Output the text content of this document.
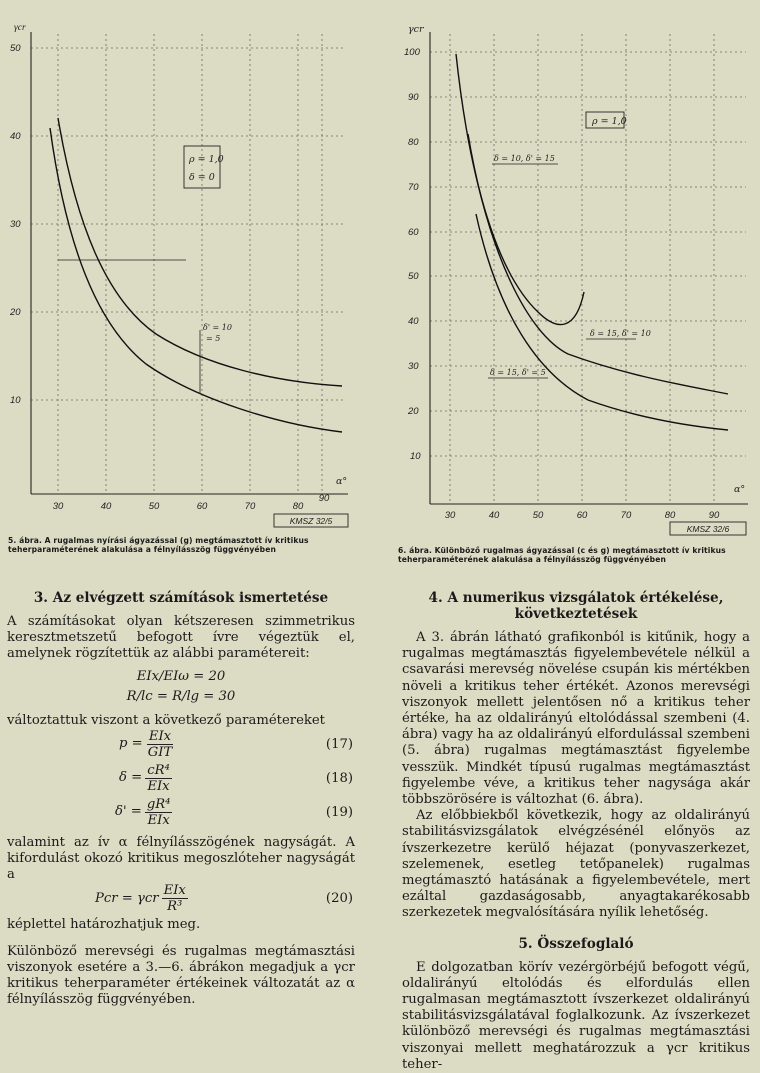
50
40
30
20
10
γcr
30	40	50	60	70	80
90
α°
ρ = 1,0
δ = 0
δ' = 10
= 5
KMSZ 32/5
5. ábra. A rugalmas nyírási ágyazással (g) megtámasztott ív kritikus teherparaméterének alakulása a félnyílásszög függvényében
100
90
80
70
60
50
40
30
20
10
γcr
30	40	50	60	70	80	90
α°
ρ = 1,0
δ = 10, δ' = 15
δ = 15, δ' = 10
δ = 15, δ' = 5
KMSZ 32/6
6. ábra. Különböző rugalmas ágyazással (c és g) megtámasztott ív kritikus teherparaméterének alakulása a félnyílásszög függvényében

3. Az elvégzett számítások ismertetése

A számításokat olyan kétszeresen szimmetrikus keresztmetszetű befogott ívre végeztük el, amelynek rögzítettük az alábbi paramétereit:

EIx/EIω = 20
R/lc = R/lg = 30

változtattuk viszont a következő paramétereket

$p = \frac{\text{EIx}}{\text{GIT}}$	(17)
$\delta = \frac{\text{cR⁴}}{\text{EIx}}$	(18)
$\delta' = \frac{\text{gR⁴}}{\text{EIx}}$	(19)

valamint az ív α félnyílásszögének nagyságát. A kifordulást okozó kritikus megoszlóteher nagyságát a

Pcr = γcr $\frac{\text{EIx}}{\text{R³}}$	(20)

képlettel határozhatjuk meg.

Különböző merevségi és rugalmas megtámasztási viszonyok esetére a 3.—6. ábrákon megadjuk a γcr kritikus teherparaméter értékeinek változatát az α félnyílásszög függvényében.

4. A numerikus vizsgálatok értékelése, következtetések

A 3. ábrán látható grafikonból is kitűnik, hogy a rugalmas megtámasztás figyelembevétele nélkül a csavarási merevség növelése csupán kis mértékben növeli a kritikus teher értékét. Azonos merevségi viszonyok mellett jelentősen nő a kritikus teher értéke, ha az oldalirányú eltolódással szembeni (4. ábra) vagy ha az oldalirányú elfordulással szembeni (5. ábra) rugalmas megtámasztást figyelembe vesszük. Mindkét típusú rugalmas megtámasztást figyelembe véve, a kritikus teher nagysága akár többszörösére is változhat (6. ábra).

Az előbbiekből következik, hogy az oldalirányú stabilitásvizsgálatok elvégzésénél előnyös az ívszerkezetre kerülő héjazat (ponyvaszerkezet, szelemenek, esetleg tetőpanelek) rugalmas megtámasztó hatásának a figyelembevétele, mert ezáltal gazdaságosabb, anyagtakarékosabb szerkezetek megvalósítására nyílik lehetőség.

5. Összefoglaló

E dolgozatban körív vezérgörbéjű befogott végű, oldalirányú eltolódás és elfordulás ellen rugalmasan megtámasztott ívszerkezet oldalirányú stabilitásvizsgálatával foglalkozunk. Az ívszerkezet különböző merevségi és rugalmas megtámasztási viszonyai mellett meghatározzuk a γcr kritikus teher-
